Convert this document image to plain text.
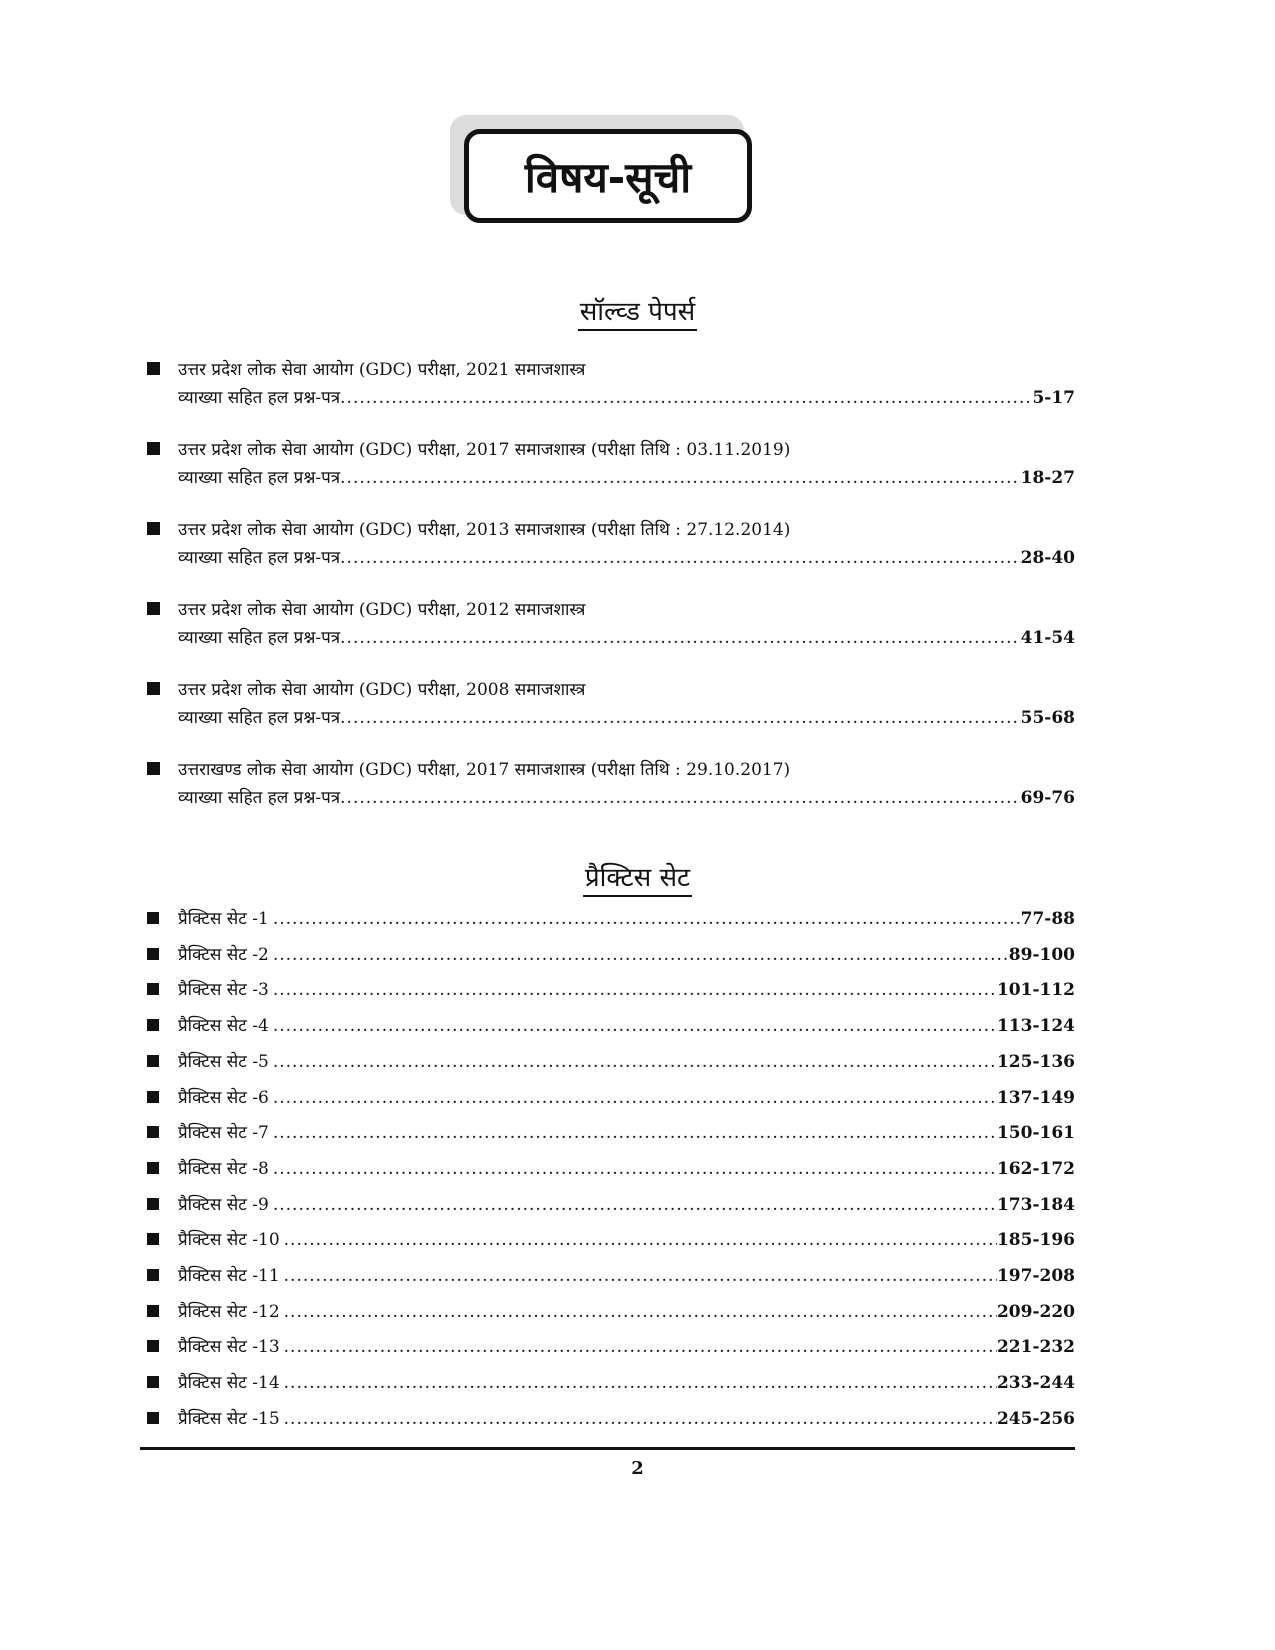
विषय-सूची
सॉल्व्ड पेपर्स
उत्तर प्रदेश लोक सेवा आयोग (GDC) परीक्षा, 2021 समाजशास्त्र
व्याख्या सहित हल प्रश्न-पत्र .....	5-17
उत्तर प्रदेश लोक सेवा आयोग (GDC) परीक्षा, 2017 समाजशास्त्र (परीक्षा तिथि : 03.11.2019)
व्याख्या सहित हल प्रश्न-पत्र .....	18-27
उत्तर प्रदेश लोक सेवा आयोग (GDC) परीक्षा, 2013 समाजशास्त्र (परीक्षा तिथि : 27.12.2014)
व्याख्या सहित हल प्रश्न-पत्र .....	28-40
उत्तर प्रदेश लोक सेवा आयोग (GDC) परीक्षा, 2012 समाजशास्त्र
व्याख्या सहित हल प्रश्न-पत्र .....	41-54
उत्तर प्रदेश लोक सेवा आयोग (GDC) परीक्षा, 2008 समाजशास्त्र
व्याख्या सहित हल प्रश्न-पत्र .....	55-68
उत्तराखण्ड लोक सेवा आयोग (GDC) परीक्षा, 2017 समाजशास्त्र (परीक्षा तिथि : 29.10.2017)
व्याख्या सहित हल प्रश्न-पत्र .....	69-76
प्रैक्टिस सेट
प्रैक्टिस सेट -1 .....	77-88
प्रैक्टिस सेट -2 .....	89-100
प्रैक्टिस सेट -3 .....	101-112
प्रैक्टिस सेट -4 .....	113-124
प्रैक्टिस सेट -5 .....	125-136
प्रैक्टिस सेट -6 .....	137-149
प्रैक्टिस सेट -7 .....	150-161
प्रैक्टिस सेट -8 .....	162-172
प्रैक्टिस सेट -9 .....	173-184
प्रैक्टिस सेट -10 .....	185-196
प्रैक्टिस सेट -11 .....	197-208
प्रैक्टिस सेट -12 .....	209-220
प्रैक्टिस सेट -13 .....	221-232
प्रैक्टिस सेट -14 .....	233-244
प्रैक्टिस सेट -15 .....	245-256
2
